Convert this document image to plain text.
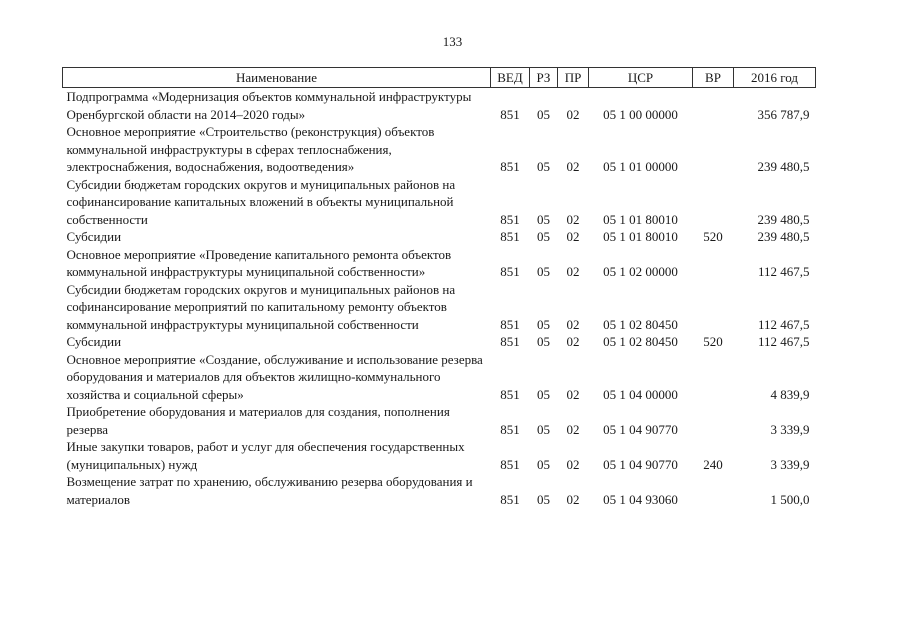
133
Наименование	ВЕД	РЗ	ПР	ЦСР	ВР	2016 год
Подпрограмма «Модернизация объектов коммунальной инфраструктуры Оренбургской области на 2014–2020 годы»	851	05	02	05 1 00 00000		356 787,9
Основное мероприятие «Строительство (реконструкция) объектов коммунальной инфраструктуры в сферах теплоснабжения, электроснабжения, водоснабжения, водоотведения»	851	05	02	05 1 01 00000		239 480,5
Субсидии бюджетам городских округов и муниципальных районов на софинансирование капитальных вложений в объекты муниципальной собственности	851	05	02	05 1 01 80010		239 480,5
Субсидии	851	05	02	05 1 01 80010	520	239 480,5
Основное мероприятие «Проведение капитального ремонта объектов коммунальной инфраструктуры муниципальной собственности»	851	05	02	05 1 02 00000		112 467,5
Субсидии бюджетам городских округов и муниципальных районов на софинансирование мероприятий по капитальному ремонту объектов коммунальной инфраструктуры муниципальной собственности	851	05	02	05 1 02 80450		112 467,5
Субсидии	851	05	02	05 1 02 80450	520	112 467,5
Основное мероприятие «Создание, обслуживание и использование резерва оборудования и материалов для объектов жилищно-коммунального хозяйства и социальной сферы»	851	05	02	05 1 04 00000		4 839,9
Приобретение оборудования и материалов для создания, пополнения резерва	851	05	02	05 1 04 90770		3 339,9
Иные закупки товаров, работ и услуг для обеспечения государственных (муниципальных) нужд	851	05	02	05 1 04 90770	240	3 339,9
Возмещение затрат по хранению, обслуживанию резерва оборудования и материалов	851	05	02	05 1 04 93060		1 500,0
